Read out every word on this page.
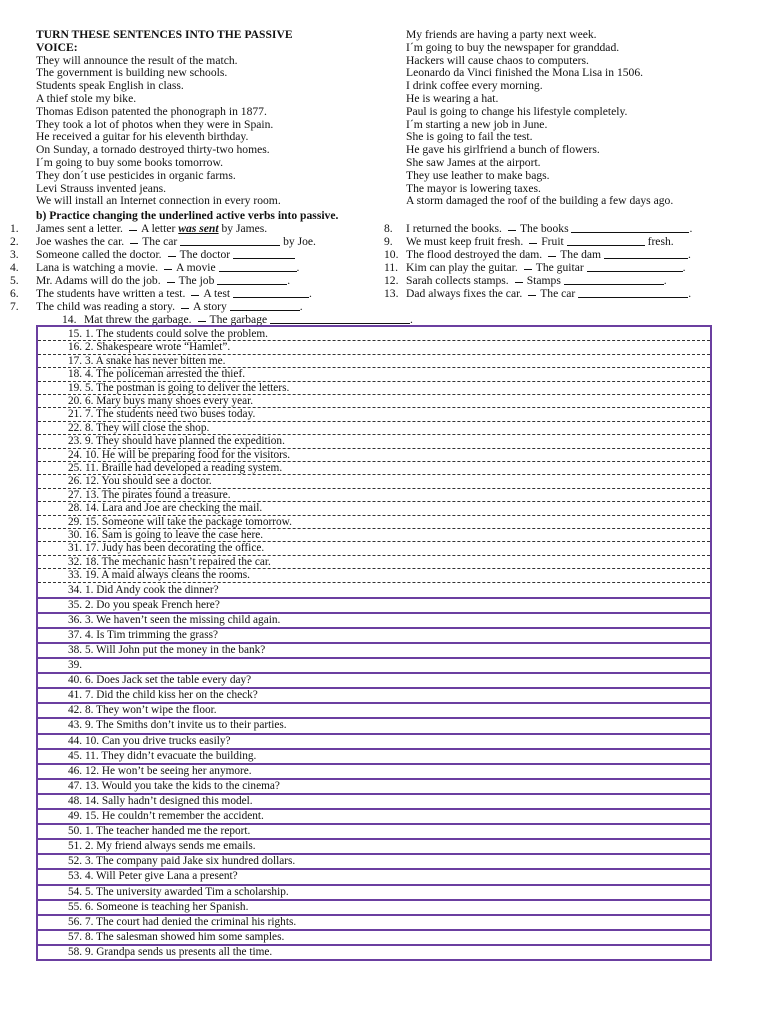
TURN THESE SENTENCES INTO THE PASSIVE
VOICE:
They will announce the result of the match.
The government is building new schools.
Students speak English in class.
A thief stole my bike.
Thomas Edison patented the phonograph in 1877.
They took a lot of photos when they were in Spain.
He received a guitar for his eleventh birthday.
On Sunday, a tornado destroyed thirty-two homes.
I´m going to buy some books tomorrow.
They don´t use pesticides in organic farms.
Levi Strauss invented jeans.
We will install an Internet connection in every room.
My friends are having a party next week.
I´m going to buy the newspaper for granddad.
Hackers will cause chaos to computers.
Leonardo da Vinci finished the Mona Lisa in 1506.
I drink coffee every morning.
He is wearing a hat.
Paul is going to change his lifestyle completely.
I´m starting a new job in June.
She is going to fail the test.
He gave his girlfriend a bunch of flowers.
She saw James at the airport.
They use leather to make bags.
The mayor is lowering taxes.
A storm damaged the roof of the building a few days ago.
b) Practice changing the underlined active verbs into passive.
1. James sent a letter. A letter was sent by James.
2. Joe washes the car. The car	by Joe.
3. Someone called the doctor. The doctor
4. Lana is watching a movie. A movie	.
5. Mr. Adams will do the job. The job	.
6. The students have written a test. A test	.
7. The child was reading a story. A story	.
8. I returned the books. The books	.
9. We must keep fruit fresh. Fruit	fresh.
10. The flood destroyed the dam. The dam	.
11. Kim can play the guitar. The guitar	.
12. Sarah collects stamps. Stamps	.
13. Dad always fixes the car. The car	.
14. Mat threw the garbage. The garbage	.
15. 1. The students could solve the problem.
16. 2. Shakespeare wrote “Hamlet”.
17. 3. A snake has never bitten me.
18. 4. The policeman arrested the thief.
19. 5. The postman is going to deliver the letters.
20. 6. Mary buys many shoes every year.
21. 7. The students need two buses today.
22. 8. They will close the shop.
23. 9. They should have planned the expedition.
24. 10. He will be preparing food for the visitors.
25. 11. Braille had developed a reading system.
26. 12. You should see a doctor.
27. 13. The pirates found a treasure.
28. 14. Lara and Joe are checking the mail.
29. 15. Someone will take the package tomorrow.
30. 16. Sam is going to leave the case here.
31. 17. Judy has been decorating the office.
32. 18. The mechanic hasn’t repaired the car.
33. 19. A maid always cleans the rooms.
34. 1. Did Andy cook the dinner?
35. 2. Do you speak French here?
36. 3. We haven’t seen the missing child again.
37. 4. Is Tim trimming the grass?
38. 5. Will John put the money in the bank?
39.
40. 6. Does Jack set the table every day?
41. 7. Did the child kiss her on the check?
42. 8. They won’t wipe the floor.
43. 9. The Smiths don’t invite us to their parties.
44. 10. Can you drive trucks easily?
45. 11. They didn’t evacuate the building.
46. 12. He won’t be seeing her anymore.
47. 13. Would you take the kids to the cinema?
48. 14. Sally hadn’t designed this model.
49. 15. He couldn’t remember the accident.
50. 1. The teacher handed me the report.
51. 2. My friend always sends me emails.
52. 3. The company paid Jake six hundred dollars.
53. 4. Will Peter give Lana a present?
54. 5. The university awarded Tim a scholarship.
55. 6. Someone is teaching her Spanish.
56. 7. The court had denied the criminal his rights.
57. 8. The salesman showed him some samples.
58. 9. Grandpa sends us presents all the time.
